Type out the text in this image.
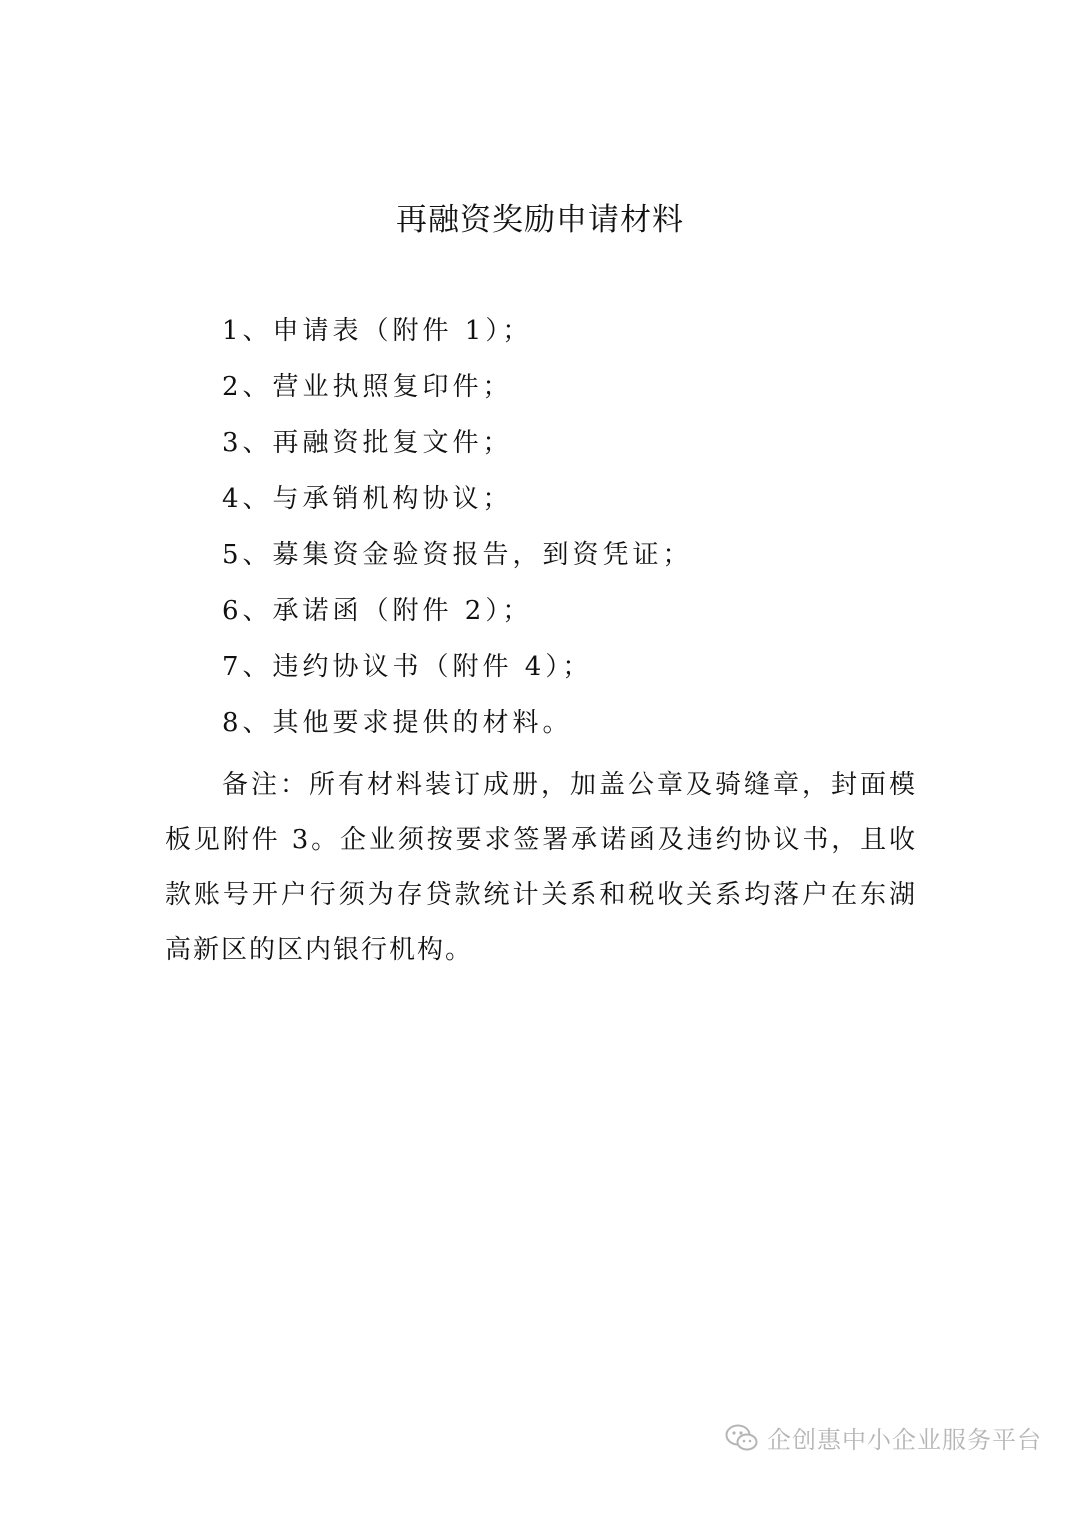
再融资奖励申请材料
1、申请表（附件 1）；
2、营业执照复印件；
3、再融资批复文件；
4、与承销机构协议；
5、募集资金验资报告，到资凭证；
6、承诺函（附件 2）；
7、违约协议书（附件 4）；
8、其他要求提供的材料。

备注：所有材料装订成册，加盖公章及骑缝章，封面模板见附件 3。企业须按要求签署承诺函及违约协议书，且收款账号开户行须为存贷款统计关系和税收关系均落户在东湖高新区的区内银行机构。

企创惠中小企业服务平台
